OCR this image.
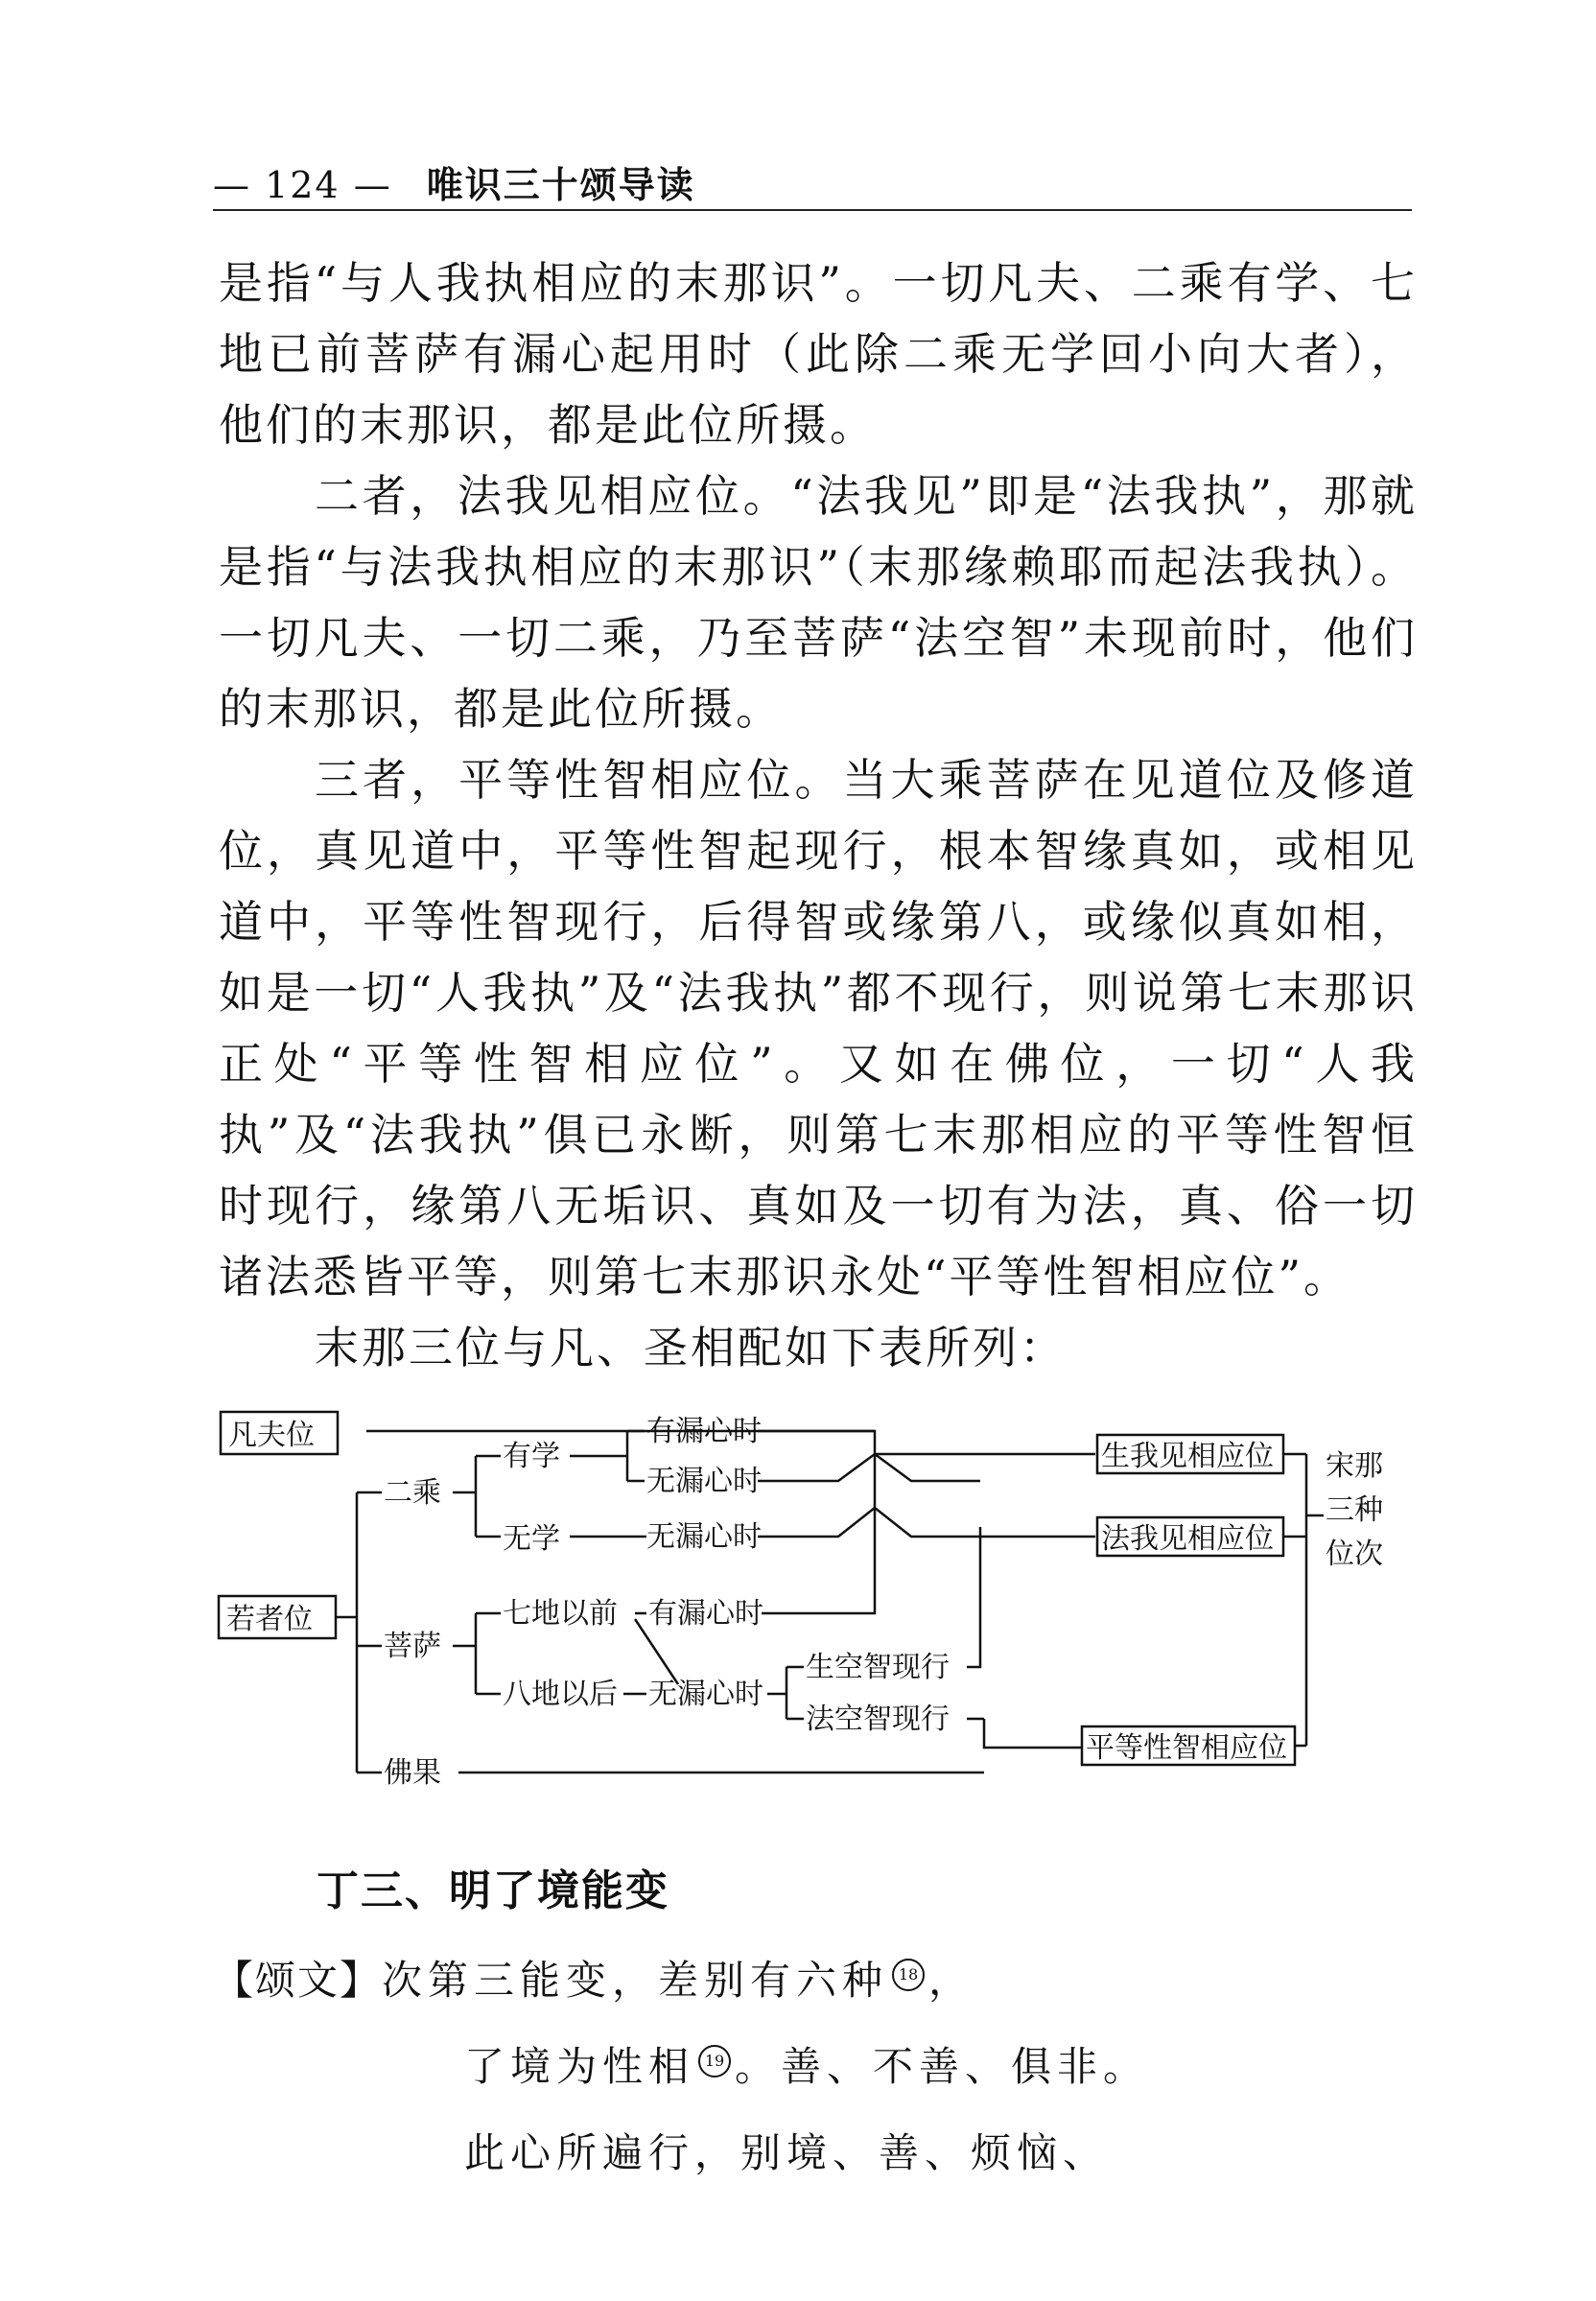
— 124 — 唯识三十颂导读

是指“与人我执相应的末那识”。一切凡夫、二乘有学、七地已前菩萨有漏心起用时（此除二乘无学回小向大者），他们的末那识，都是此位所摄。

二者，法我见相应位。“法我见”即是“法我执”，那就是指“与法我执相应的末那识”（末那缘赖耶而起法我执）。一切凡夫、一切二乘，乃至菩萨“法空智”未现前时，他们的末那识，都是此位所摄。

三者，平等性智相应位。当大乘菩萨在见道位及修道位，真见道中，平等性智起现行，根本智缘真如，或相见道中，平等性智现行，后得智或缘第八，或缘似真如相，如是一切“人我执”及“法我执”都不现行，则说第七末那识正处“平等性智相应位”。又如在佛位，一切“人我执”及“法我执”俱已永断，则第七末那相应的平等性智恒时现行，缘第八无垢识、真如及一切有为法，真、俗一切诸法悉皆平等，则第七末那识永处“平等性智相应位”。

末那三位与凡、圣相配如下表所列：

凡夫位
若者位
二乘
有学
无学
有漏心时
无漏心时
无漏心时
菩萨
七地以前
八地以后
有漏心时
无漏心时
生空智现行
法空智现行
佛果
生我见相应位
法我见相应位
平等性智相应位
宋那
三种
位次
丁三、明了境能变
【颂文】次第三能变，差别有六种 18 ，
了境为性相 19 。善、不善、俱非。
此心所遍行，别境、善、烦恼、
